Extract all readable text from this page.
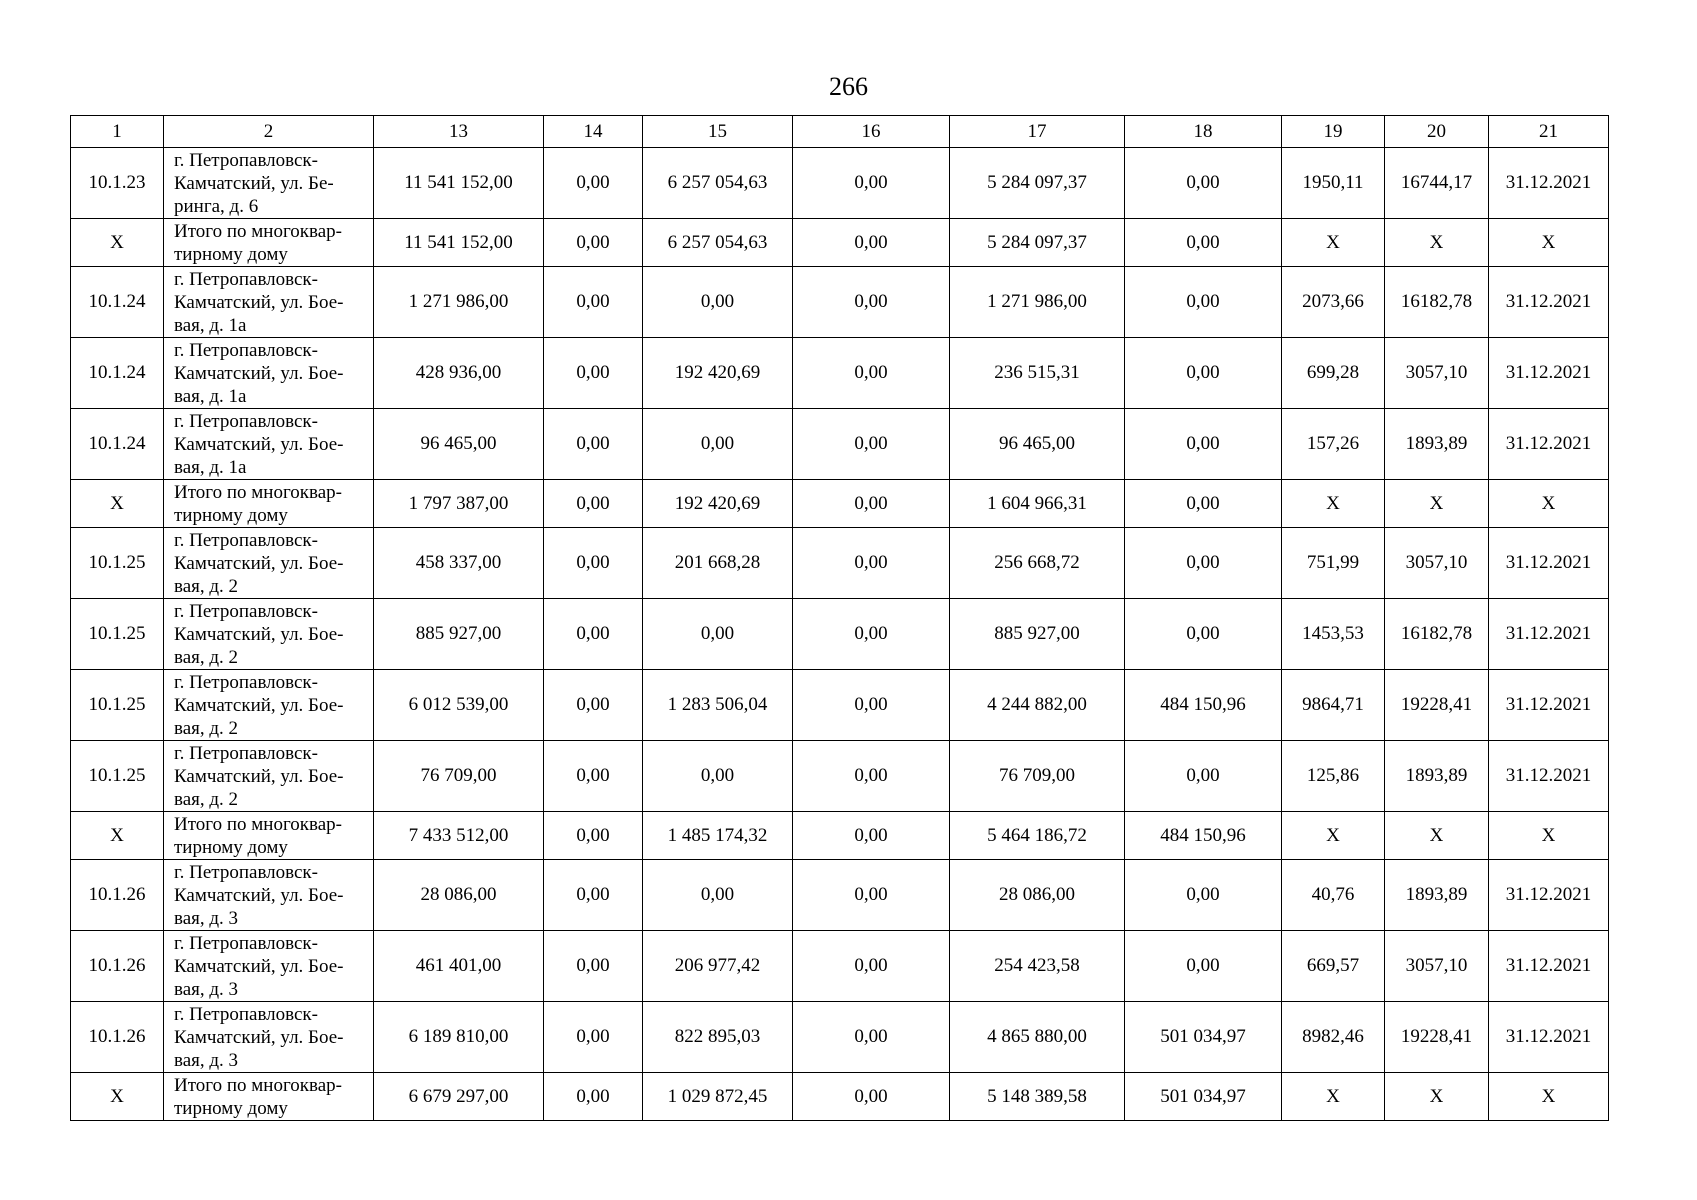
266
1	2	13	14	15	16	17	18	19	20	21
10.1.23	г. Петропавловск-
Камчатский, ул. Бе-
ринга, д. 6	11 541 152,00	0,00	6 257 054,63	0,00	5 284 097,37	0,00	1950,11	16744,17	31.12.2021
Х	Итого по многоквар-
тирному дому	11 541 152,00	0,00	6 257 054,63	0,00	5 284 097,37	0,00	Х	Х	Х
10.1.24	г. Петропавловск-
Камчатский, ул. Бое-
вая, д. 1а	1 271 986,00	0,00	0,00	0,00	1 271 986,00	0,00	2073,66	16182,78	31.12.2021
10.1.24	г. Петропавловск-
Камчатский, ул. Бое-
вая, д. 1а	428 936,00	0,00	192 420,69	0,00	236 515,31	0,00	699,28	3057,10	31.12.2021
10.1.24	г. Петропавловск-
Камчатский, ул. Бое-
вая, д. 1а	96 465,00	0,00	0,00	0,00	96 465,00	0,00	157,26	1893,89	31.12.2021
Х	Итого по многоквар-
тирному дому	1 797 387,00	0,00	192 420,69	0,00	1 604 966,31	0,00	Х	Х	Х
10.1.25	г. Петропавловск-
Камчатский, ул. Бое-
вая, д. 2	458 337,00	0,00	201 668,28	0,00	256 668,72	0,00	751,99	3057,10	31.12.2021
10.1.25	г. Петропавловск-
Камчатский, ул. Бое-
вая, д. 2	885 927,00	0,00	0,00	0,00	885 927,00	0,00	1453,53	16182,78	31.12.2021
10.1.25	г. Петропавловск-
Камчатский, ул. Бое-
вая, д. 2	6 012 539,00	0,00	1 283 506,04	0,00	4 244 882,00	484 150,96	9864,71	19228,41	31.12.2021
10.1.25	г. Петропавловск-
Камчатский, ул. Бое-
вая, д. 2	76 709,00	0,00	0,00	0,00	76 709,00	0,00	125,86	1893,89	31.12.2021
Х	Итого по многоквар-
тирному дому	7 433 512,00	0,00	1 485 174,32	0,00	5 464 186,72	484 150,96	Х	Х	Х
10.1.26	г. Петропавловск-
Камчатский, ул. Бое-
вая, д. 3	28 086,00	0,00	0,00	0,00	28 086,00	0,00	40,76	1893,89	31.12.2021
10.1.26	г. Петропавловск-
Камчатский, ул. Бое-
вая, д. 3	461 401,00	0,00	206 977,42	0,00	254 423,58	0,00	669,57	3057,10	31.12.2021
10.1.26	г. Петропавловск-
Камчатский, ул. Бое-
вая, д. 3	6 189 810,00	0,00	822 895,03	0,00	4 865 880,00	501 034,97	8982,46	19228,41	31.12.2021
Х	Итого по многоквар-
тирному дому	6 679 297,00	0,00	1 029 872,45	0,00	5 148 389,58	501 034,97	Х	Х	Х
